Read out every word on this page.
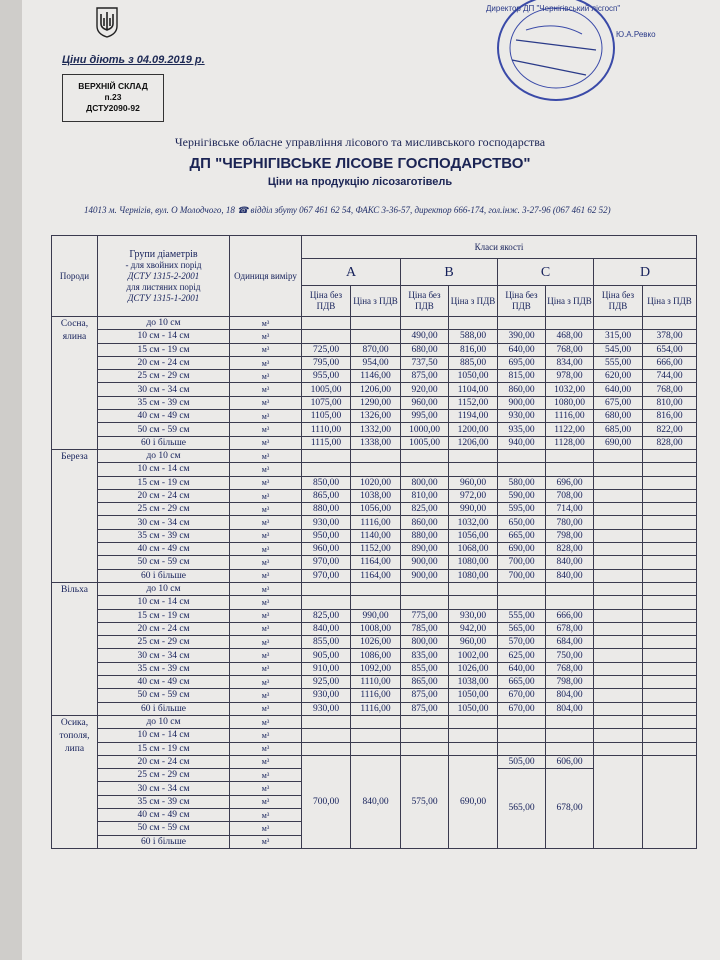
Ціни діють з 04.09.2019 р.
ВЕРХНІЙ СКЛАД
п.23
ДСТУ2090-92
Директор ДП "Чернігівський лісгосп"
Ю.А.Ревко
Чернігівське обласне управління лісового та мисливського господарства
ДП "ЧЕРНІГІВСЬКЕ ЛІСОВЕ ГОСПОДАРСТВО"
Ціни на продукцію лісозаготівель
14013 м. Чернігів, вул. О Молодчого, 18 ☎ відділ збуту 067 461 62 54, ФАКС 3-36-57, директор 666-174, гол.інж. 3-27-96 (067 461 62 52)
Породи	Групи діаметрів
- для хвойних порід
ДСТУ 1315-2-2001
для листяних порід
ДСТУ 1315-1-2001	Одиниця виміру	Класи якості							
			A		B		C		D	
			Ціна без ПДВ	Ціна з ПДВ	Ціна без ПДВ	Ціна з ПДВ	Ціна без ПДВ	Ціна з ПДВ	Ціна без ПДВ	Ціна з ПДВ
Сосна, ялина	до 10 см	м³								
	10 см - 14 см	м³			490,00	588,00	390,00	468,00	315,00	378,00
	15 см - 19 см	м³	725,00	870,00	680,00	816,00	640,00	768,00	545,00	654,00
	20 см - 24 см	м³	795,00	954,00	737,50	885,00	695,00	834,00	555,00	666,00
	25 см - 29 см	м³	955,00	1146,00	875,00	1050,00	815,00	978,00	620,00	744,00
	30 см - 34 см	м³	1005,00	1206,00	920,00	1104,00	860,00	1032,00	640,00	768,00
	35 см - 39 см	м³	1075,00	1290,00	960,00	1152,00	900,00	1080,00	675,00	810,00
	40 см - 49 см	м³	1105,00	1326,00	995,00	1194,00	930,00	1116,00	680,00	816,00
	50 см - 59 см	м³	1110,00	1332,00	1000,00	1200,00	935,00	1122,00	685,00	822,00
	60 і більше	м³	1115,00	1338,00	1005,00	1206,00	940,00	1128,00	690,00	828,00
Береза	до 10 см	м³								
	10 см - 14 см	м³								
	15 см - 19 см	м³	850,00	1020,00	800,00	960,00	580,00	696,00		
	20 см - 24 см	м³	865,00	1038,00	810,00	972,00	590,00	708,00		
	25 см - 29 см	м³	880,00	1056,00	825,00	990,00	595,00	714,00		
	30 см - 34 см	м³	930,00	1116,00	860,00	1032,00	650,00	780,00		
	35 см - 39 см	м³	950,00	1140,00	880,00	1056,00	665,00	798,00		
	40 см - 49 см	м³	960,00	1152,00	890,00	1068,00	690,00	828,00		
	50 см - 59 см	м³	970,00	1164,00	900,00	1080,00	700,00	840,00		
	60 і більше	м³	970,00	1164,00	900,00	1080,00	700,00	840,00		
Вільха	до 10 см	м³								
	10 см - 14 см	м³								
	15 см - 19 см	м³	825,00	990,00	775,00	930,00	555,00	666,00		
	20 см - 24 см	м³	840,00	1008,00	785,00	942,00	565,00	678,00		
	25 см - 29 см	м³	855,00	1026,00	800,00	960,00	570,00	684,00		
	30 см - 34 см	м³	905,00	1086,00	835,00	1002,00	625,00	750,00		
	35 см - 39 см	м³	910,00	1092,00	855,00	1026,00	640,00	768,00		
	40 см - 49 см	м³	925,00	1110,00	865,00	1038,00	665,00	798,00		
	50 см - 59 см	м³	930,00	1116,00	875,00	1050,00	670,00	804,00		
	60 і більше	м³	930,00	1116,00	875,00	1050,00	670,00	804,00		
Осика, тополя, липа	до 10 см	м³								
	10 см - 14 см	м³								
	15 см - 19 см	м³								
	20 см - 24 см	м³	700,00	840,00	575,00	690,00	505,00	606,00		
	25 см - 29 см	м³					565,00	678,00		
	30 см - 34 см	м³								
	35 см - 39 см	м³								
	40 см - 49 см	м³								
	50 см - 59 см	м³								
	60 і більше	м³								
